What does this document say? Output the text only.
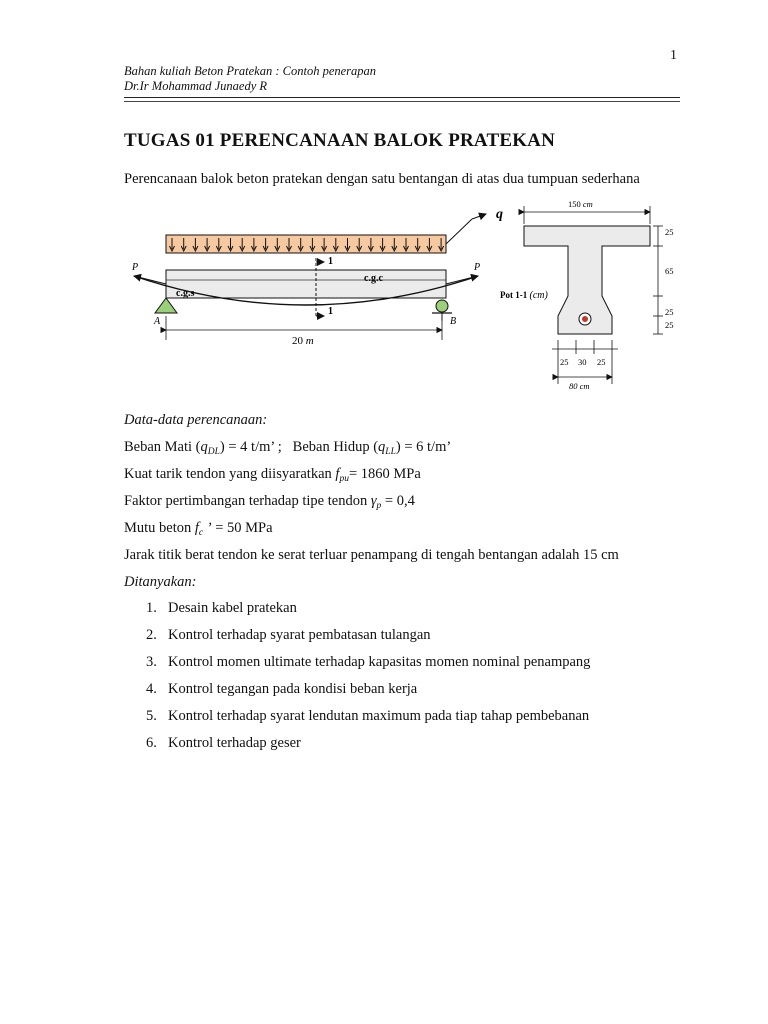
1
Bahan kuliah Beton Pratekan : Contoh penerapan
Dr.Ir Mohammad Junaedy R
TUGAS 01 PERENCANAAN BALOK PRATEKAN
Perencanaan balok beton pratekan dengan satu bentangan di atas dua tumpuan sederhana
q
P	P
c.g.s
c.g.c
1
1
A	B
20 m
Pot 1-1 (cm)
150 cm
25
65
25
25
25 30 25
80 cm
Data-data perencanaan:
Beban Mati $(q_{DL}) = 4$ t/m’ ; Beban Hidup $(q_{LL}) = 6$ t/m’
Kuat tarik tendon yang diisyaratkan $f_{pu}= 1860$ MPa
Faktor pertimbangan terhadap tipe tendon $\gamma_p = 0,4$
Mutu beton $f_c$ ’ = 50 MPa
Jarak titik berat tendon ke serat terluar penampang di tengah bentangan adalah 15 cm
Ditanyakan:
1. Desain kabel pratekan
2. Kontrol terhadap syarat pembatasan tulangan
3. Kontrol momen ultimate terhadap kapasitas momen nominal penampang
4. Kontrol tegangan pada kondisi beban kerja
5. Kontrol terhadap syarat lendutan maximum pada tiap tahap pembebanan
6. Kontrol terhadap geser
